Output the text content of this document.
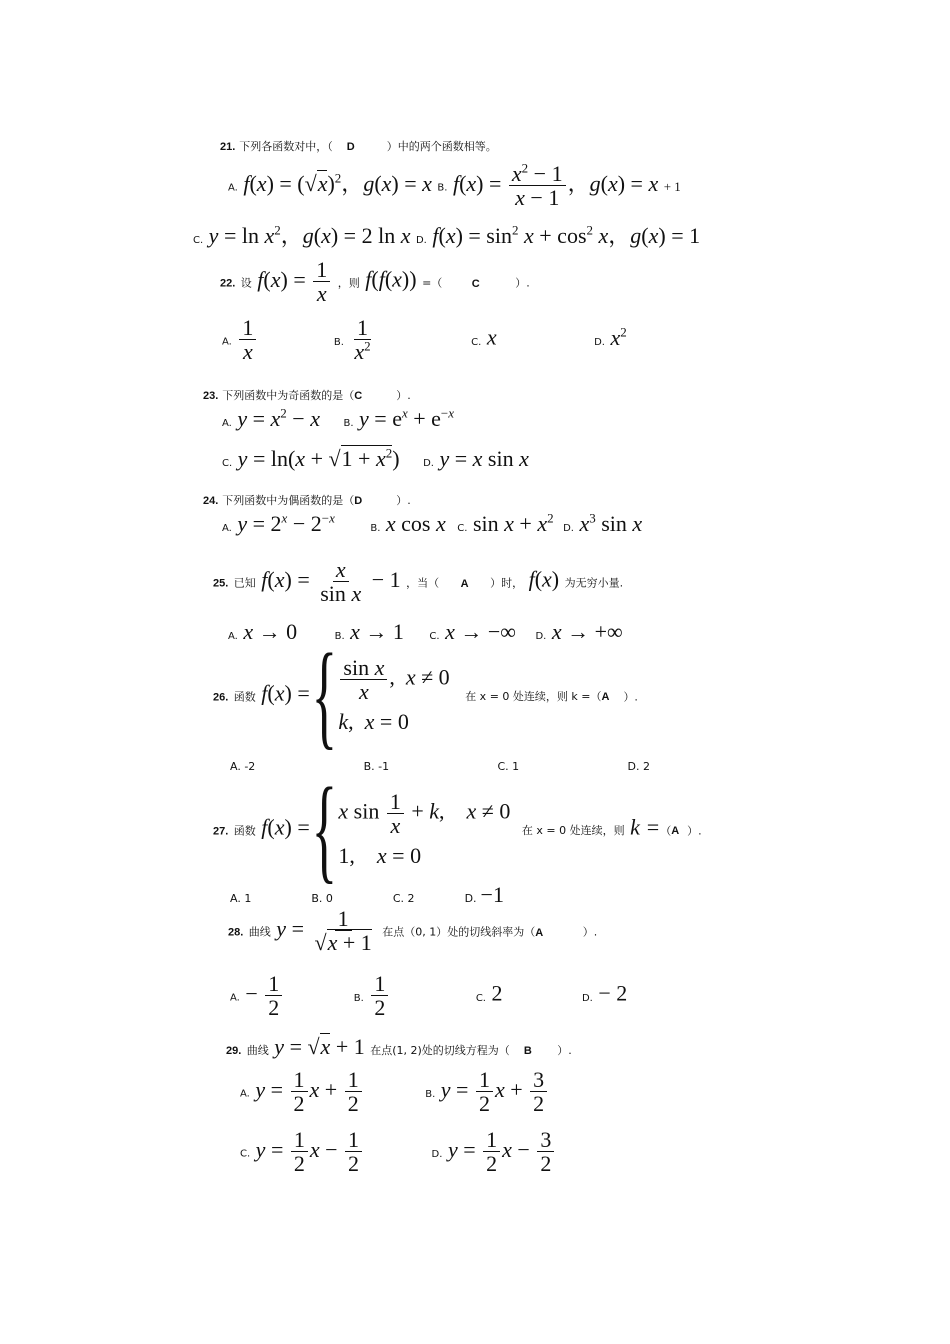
21. 下列各函数对中，（ D	）中的两个函数相等。
A. $f(x) = (√x)^2$，g(x) = x B. $f(x) = \frac{x^2 - 1}{x - 1}$ ，g(x) = x + 1
C. $y = \ln x^2$，g(x) = 2 ln x D. $f(x) = \sin^2 x + \cos^2 x$，g(x) = 1
22. 设 $f(x) = \frac{1}{x}$ ，则 f(f(x)) =（	C	）.
A. $\frac{1}{x}$	B. $\frac{1}{x^2}$	C. x	D. $x^2$
23. 下列函数中为奇函数的是（C	）.
A. $y = x^2 - x$ B. $y = e^x + e^{-x}$
C. $y = \ln(x + √1 + x^2)$ D. y = x sin x
24. 下列函数中为偶函数的是（D	）.
A. $y = 2^x - 2^{-x}$ B. x cos x C. $\sin x + x^2$ D. $x^3$ sin x
25. 已知 $f(x) = \frac{x}{\text{sin x}} - 1$ ，当（ A ）时， f(x) 为无穷小量.
A. x → 0	B. x → 1	C. x → −∞ D. x → +∞
26. 函数 f(x) ={ $\frac{\text{sin x}}{x}$ ,  x ≠ 0
k,  x = 0
在 x = 0 处连续，则 k =（A ）.
A. -2	B. -1	C. 1	D. 2
27. 函数 f(x) ={ x $\sin \frac{1}{x} + k$,    x ≠ 0
1,    x = 0
在 x = 0 处连续，则 k =（A ）.
A. 1	B. 0	C. 2	D. −1
28. 曲线 $y = \frac{1}{√x + 1}$ 在点（0, 1）处的切线斜率为（A	）.
A. − $\frac{1}{2}$	B. $\frac{1}{2}$	C. 2	D. − 2
29. 曲线 y = √x + 1 在点(1, 2)处的切线方程为（ B ）.
A. $y = \frac{1}{2}$ $x + \frac{1}{2}$	B. $y = \frac{1}{2}$ $x + \frac{3}{2}$
C. $y = \frac{1}{2}$ $x - \frac{1}{2}$	D. $y = \frac{1}{2}$ $x - \frac{3}{2}$
